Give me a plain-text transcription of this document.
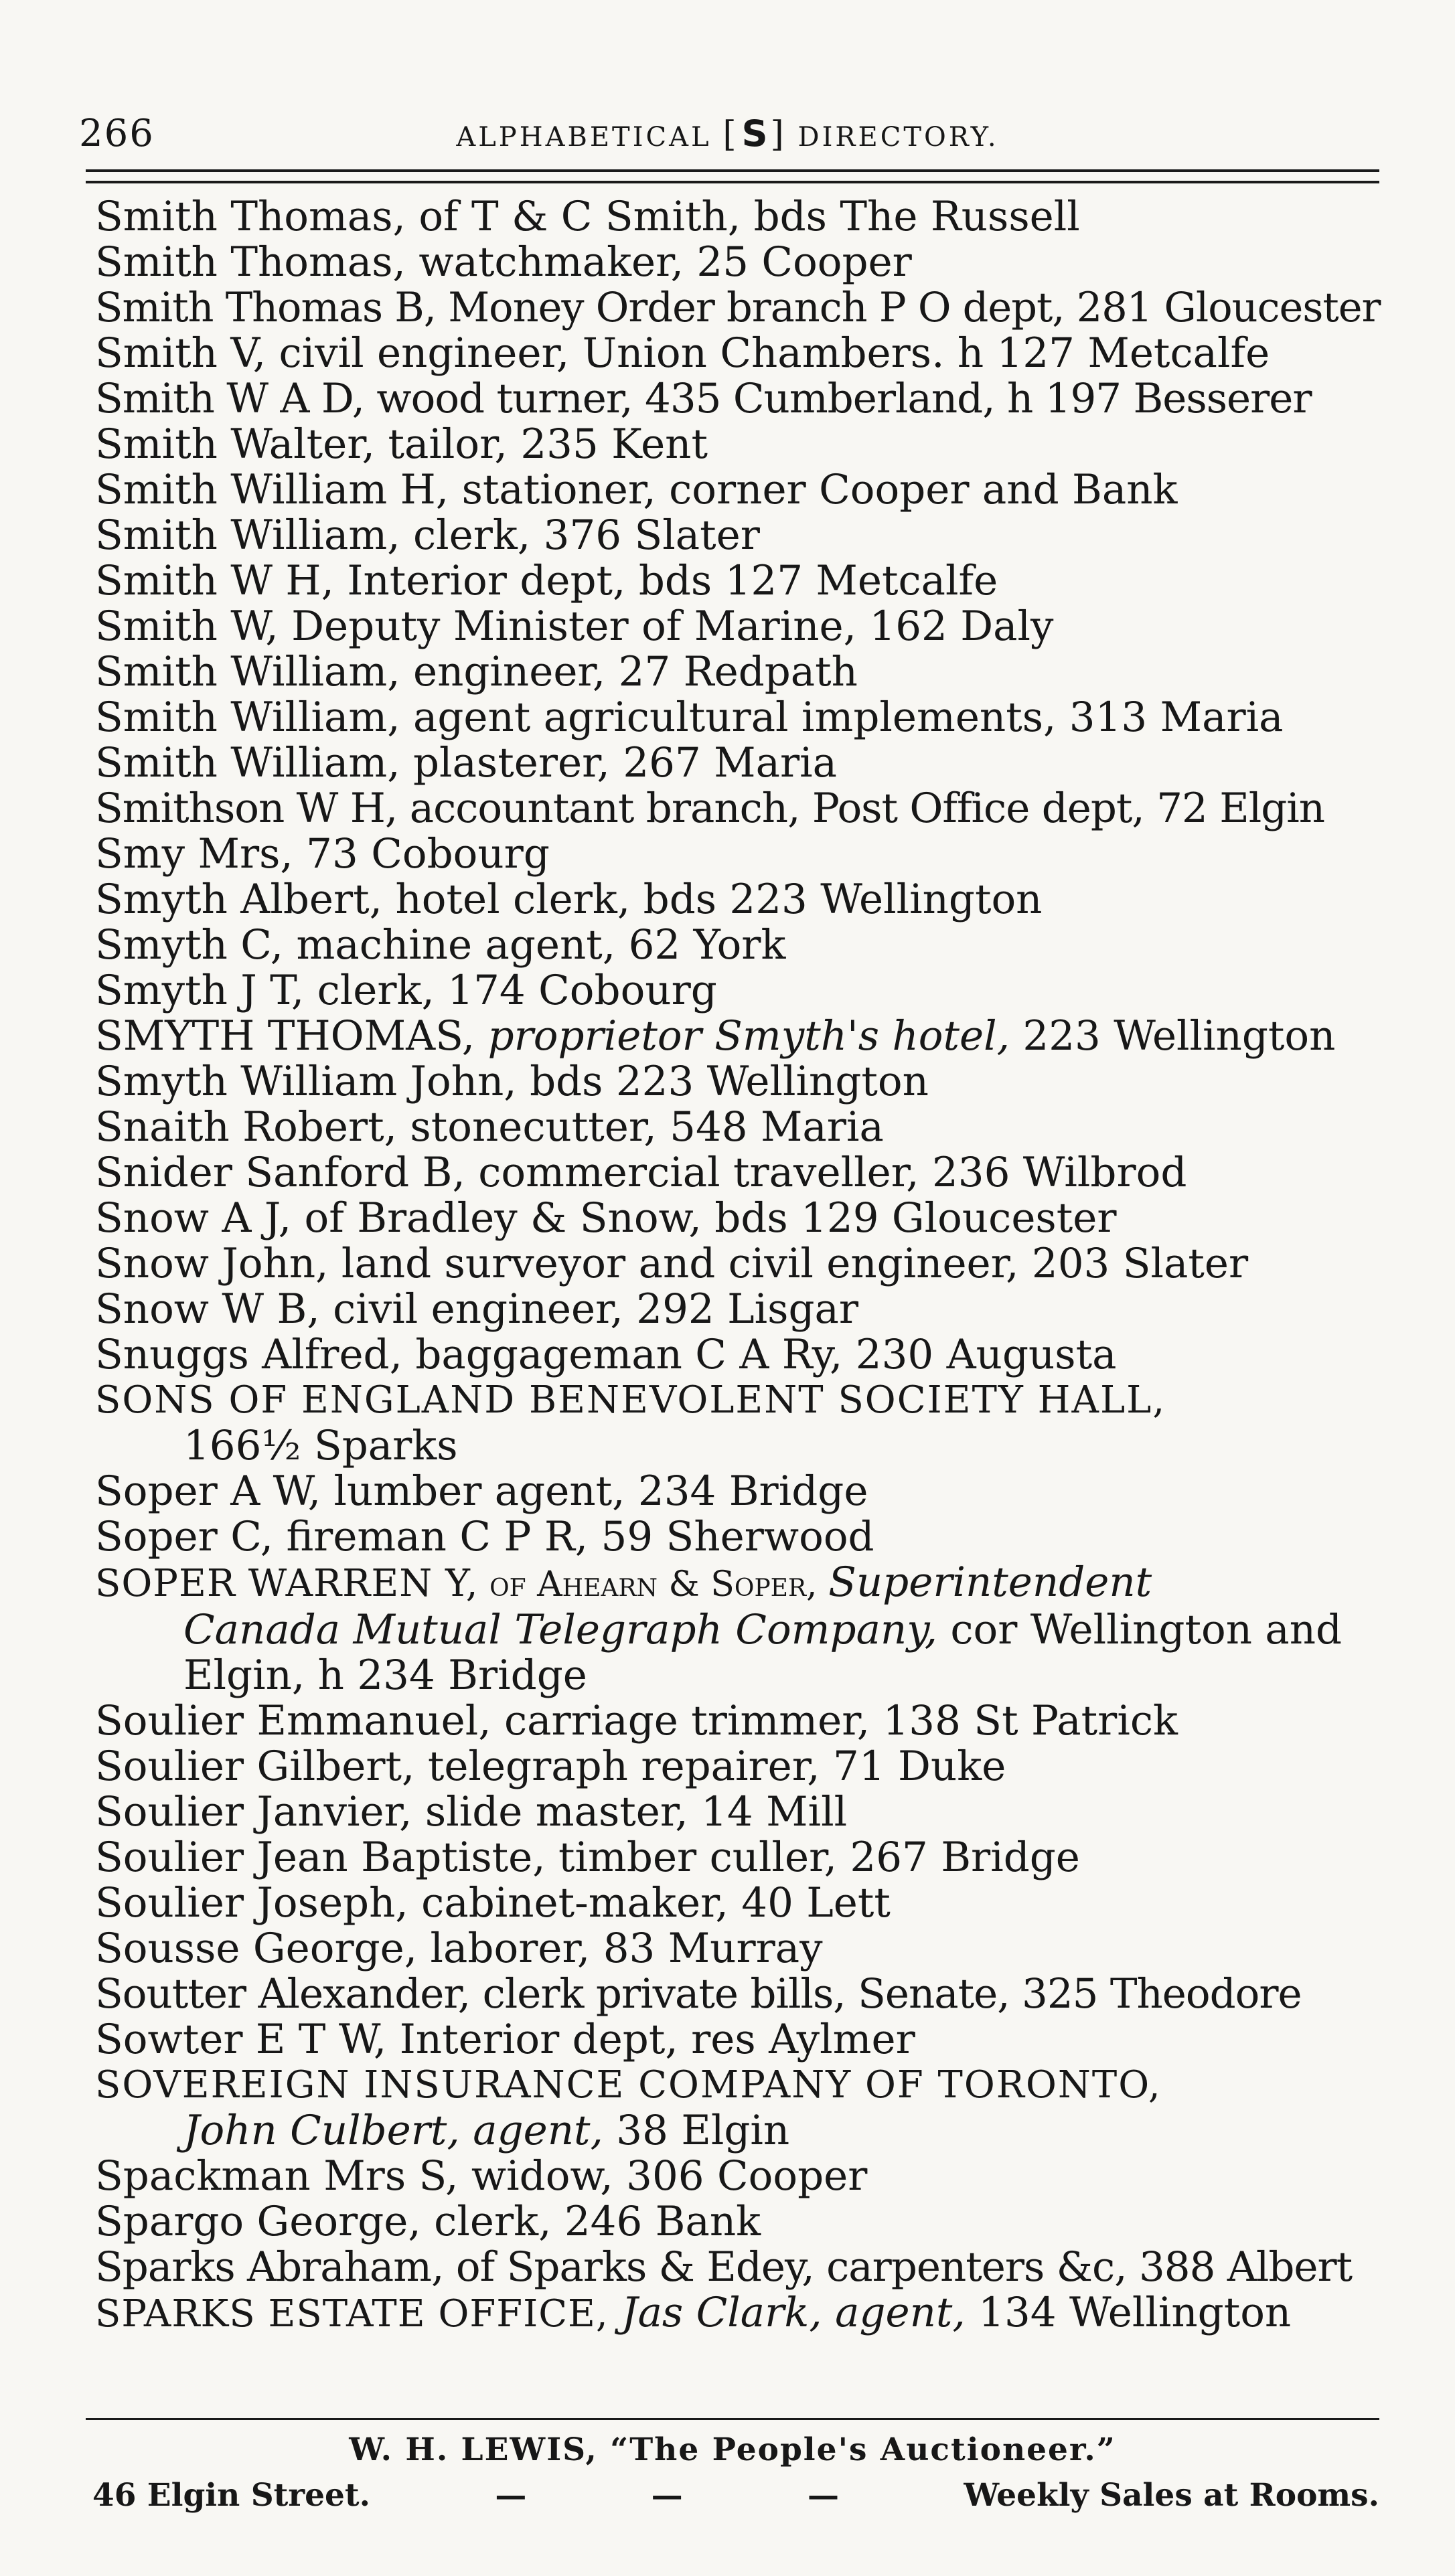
266	ALPHABETICAL [S] DIRECTORY.
Smith Thomas, of T & C Smith, bds The Russell
Smith Thomas, watchmaker, 25 Cooper
Smith Thomas B, Money Order branch P O dept, 281 Gloucester
Smith V, civil engineer, Union Chambers. h 127 Metcalfe
Smith W A D, wood turner, 435 Cumberland, h 197 Besserer
Smith Walter, tailor, 235 Kent
Smith William H, stationer, corner Cooper and Bank
Smith William, clerk, 376 Slater
Smith W H, Interior dept, bds 127 Metcalfe
Smith W, Deputy Minister of Marine, 162 Daly
Smith William, engineer, 27 Redpath
Smith William, agent agricultural implements, 313 Maria
Smith William, plasterer, 267 Maria
Smithson W H, accountant branch, Post Office dept, 72 Elgin
Smy Mrs, 73 Cobourg
Smyth Albert, hotel clerk, bds 223 Wellington
Smyth C, machine agent, 62 York
Smyth J T, clerk, 174 Cobourg
SMYTH THOMAS, proprietor Smyth's hotel, 223 Wellington
Smyth William John, bds 223 Wellington
Snaith Robert, stonecutter, 548 Maria
Snider Sanford B, commercial traveller, 236 Wilbrod
Snow A J, of Bradley & Snow, bds 129 Gloucester
Snow John, land surveyor and civil engineer, 203 Slater
Snow W B, civil engineer, 292 Lisgar
Snuggs Alfred, baggageman C A Ry, 230 Augusta
SONS OF ENGLAND BENEVOLENT SOCIETY HALL,
166½ Sparks
Soper A W, lumber agent, 234 Bridge
Soper C, fireman C P R, 59 Sherwood
SOPER WARREN Y, of Ahearn & Soper, Superintendent
Canada Mutual Telegraph Company, cor Wellington and
Elgin, h 234 Bridge
Soulier Emmanuel, carriage trimmer, 138 St Patrick
Soulier Gilbert, telegraph repairer, 71 Duke
Soulier Janvier, slide master, 14 Mill
Soulier Jean Baptiste, timber culler, 267 Bridge
Soulier Joseph, cabinet-maker, 40 Lett
Sousse George, laborer, 83 Murray
Soutter Alexander, clerk private bills, Senate, 325 Theodore
Sowter E T W, Interior dept, res Aylmer
SOVEREIGN INSURANCE COMPANY OF TORONTO,
John Culbert, agent, 38 Elgin
Spackman Mrs S, widow, 306 Cooper
Spargo George, clerk, 246 Bank
Sparks Abraham, of Sparks & Edey, carpenters &c, 388 Albert
SPARKS ESTATE OFFICE, Jas Clark, agent, 134 Wellington
W. H. LEWIS, “The People's Auctioneer.”
46 Elgin Street.	—	—	—	Weekly Sales at Rooms.
